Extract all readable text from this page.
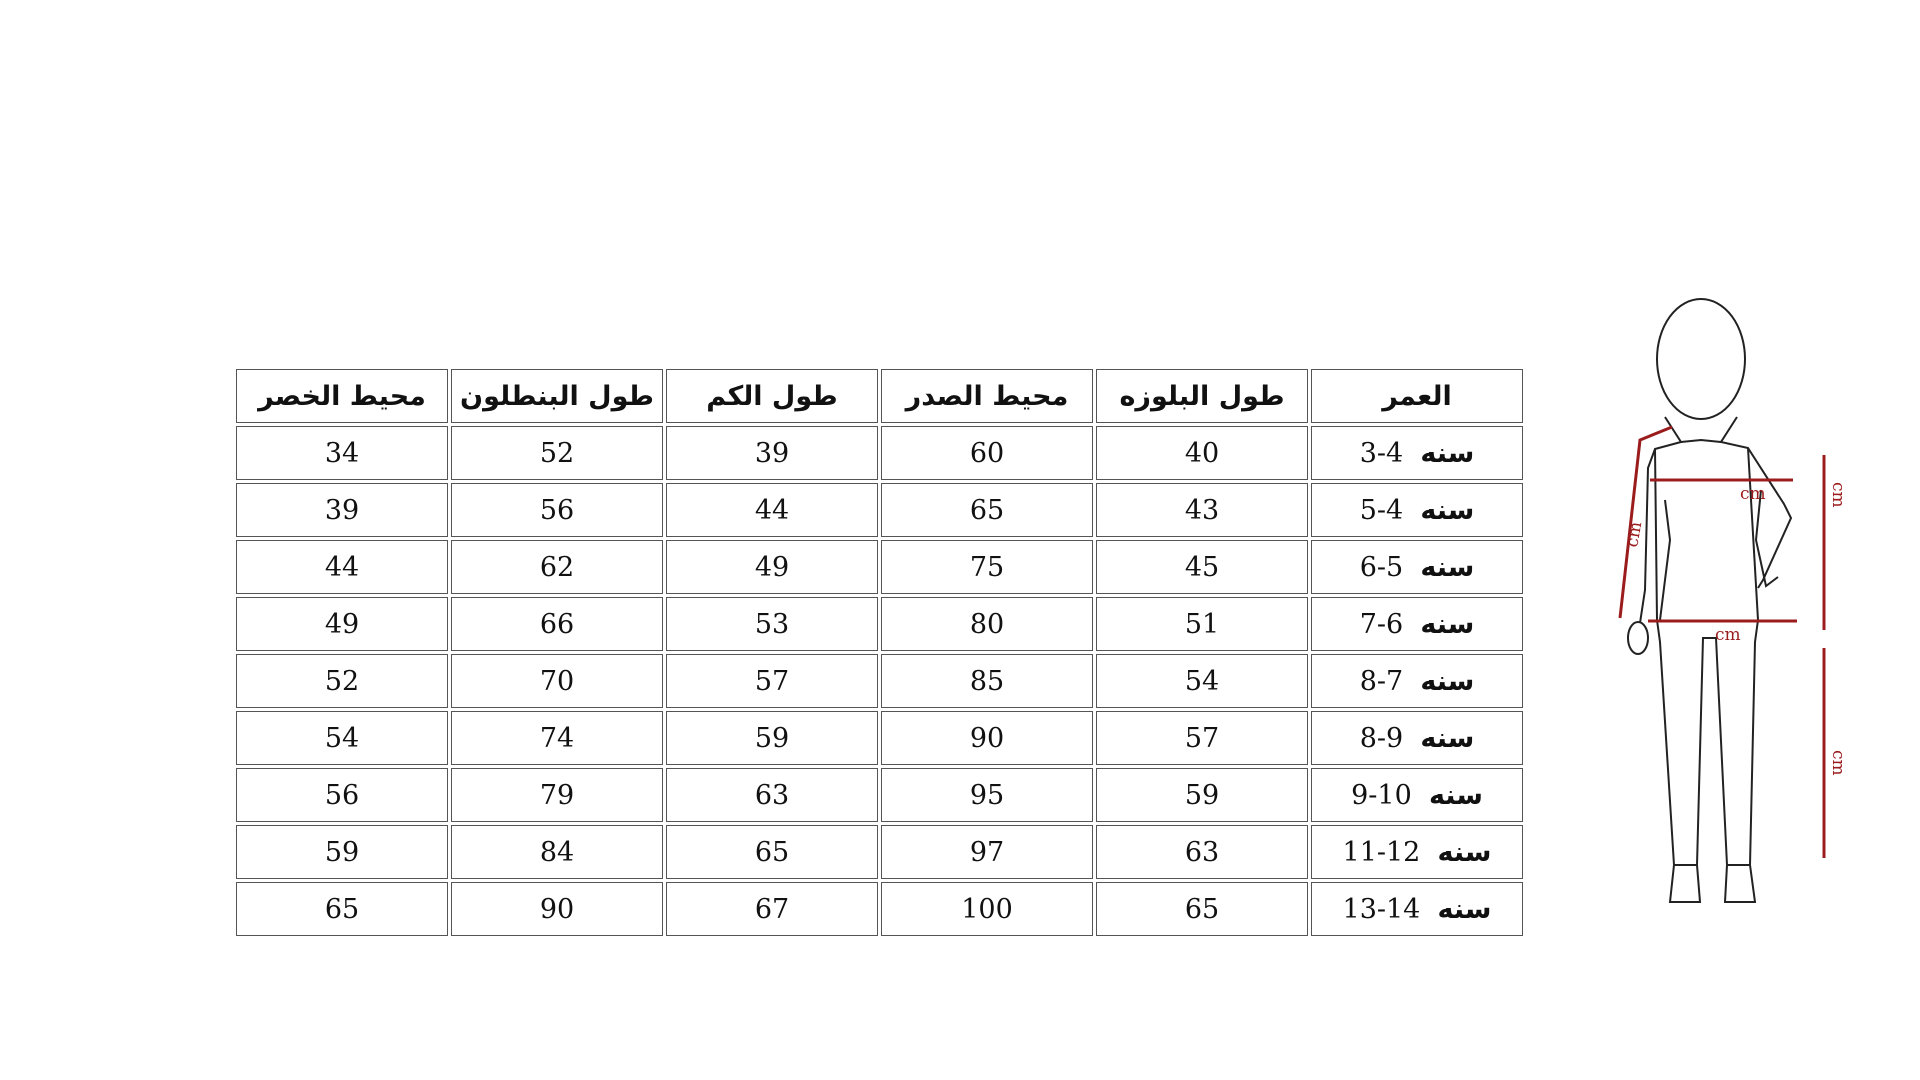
محيط الخصر	طول البنطلون	طول الكم	محيط الصدر	طول البلوزه	العمر
34	52	39	60	40	سنه  3-4
39	56	44	65	43	سنه  5-4
44	62	49	75	45	سنه  6-5
49	66	53	80	51	سنه  7-6
52	70	57	85	54	سنه  8-7
54	74	59	90	57	سنه  8-9
56	79	63	95	59	سنه  9-10
59	84	65	97	63	سنه  11-12
65	90	67	100	65	سنه  13-14
cm
cm
cm
cm
cm
